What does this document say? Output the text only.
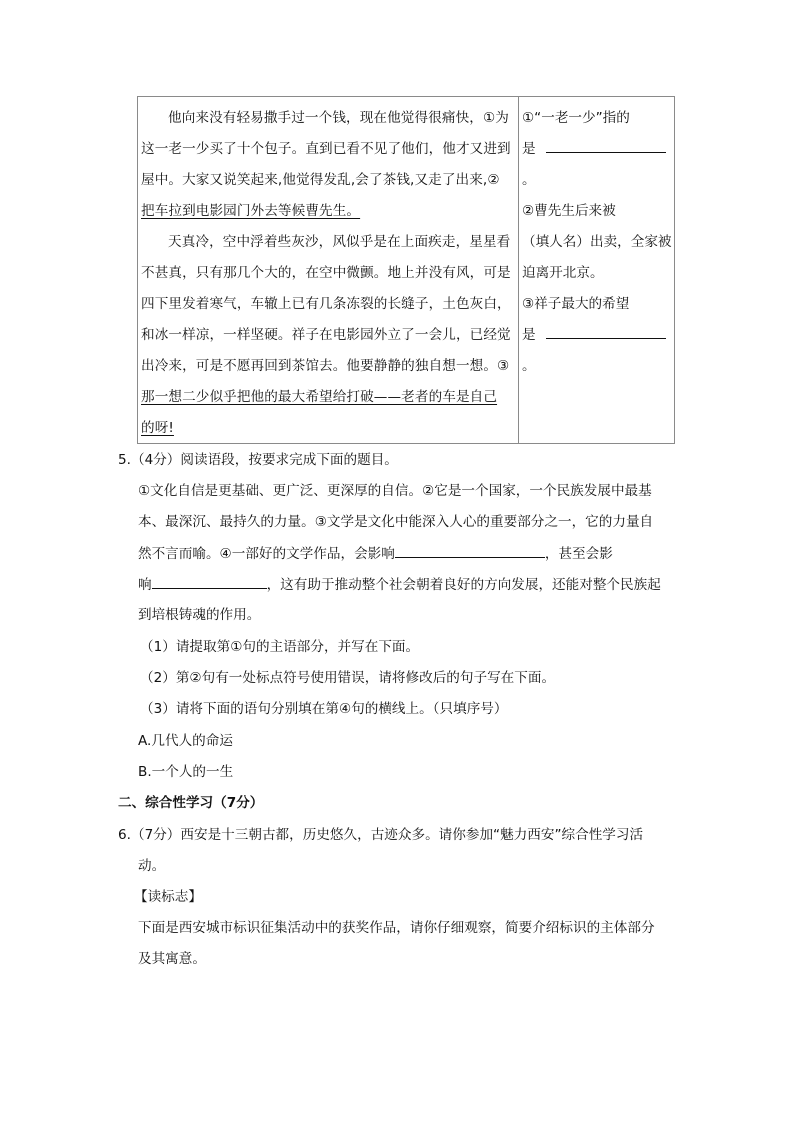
他向来没有轻易撒手过一个钱，现在他觉得很痛快，①为

这一老一少买了十个包子。直到已看不见了他们，他才又进到

屋中。大家又说笑起来,他觉得发乱,会了茶钱,又走了出来,②

把车拉到电影园门外去等候曹先生。

天真冷，空中浮着些灰沙，风似乎是在上面疾走，星星看

不甚真，只有那几个大的，在空中微颤。地上并没有风，可是

四下里发着寒气，车辙上已有几条冻裂的长缝子，土色灰白，

和冰一样凉，一样坚硬。祥子在电影园外立了一会儿，已经觉

出冷来，可是不愿再回到茶馆去。他要静静的独自想一想。③

那一想二少似乎把他的最大希望给打破——老者的车是自己

的呀!

①“一老一少”指的

是 。

②曹先生后来被

（填人名）出卖，全家被

迫离开北京。

③祥子最大的希望

是 。

5.（4分）阅读语段，按要求完成下面的题目。
①文化自信是更基础、更广泛、更深厚的自信。②它是一个国家，一个民族发展中最基
本、最深沉、最持久的力量。③文学是文化中能深入人心的重要部分之一，它的力量自
然不言而喻。④一部好的文学作品，会影响	，甚至会影
响	，这有助于推动整个社会朝着良好的方向发展，还能对整个民族起
到培根铸魂的作用。
（1）请提取第①句的主语部分，并写在下面。
（2）第②句有一处标点符号使用错误，请将修改后的句子写在下面。
（3）请将下面的语句分别填在第④句的横线上。（只填序号）
A.几代人的命运
B.一个人的一生
二、综合性学习（7分）
6.（7分）西安是十三朝古都，历史悠久，古迹众多。请你参加“魅力西安”综合性学习活
动。
【读标志】
下面是西安城市标识征集活动中的获奖作品，请你仔细观察，简要介绍标识的主体部分
及其寓意。
